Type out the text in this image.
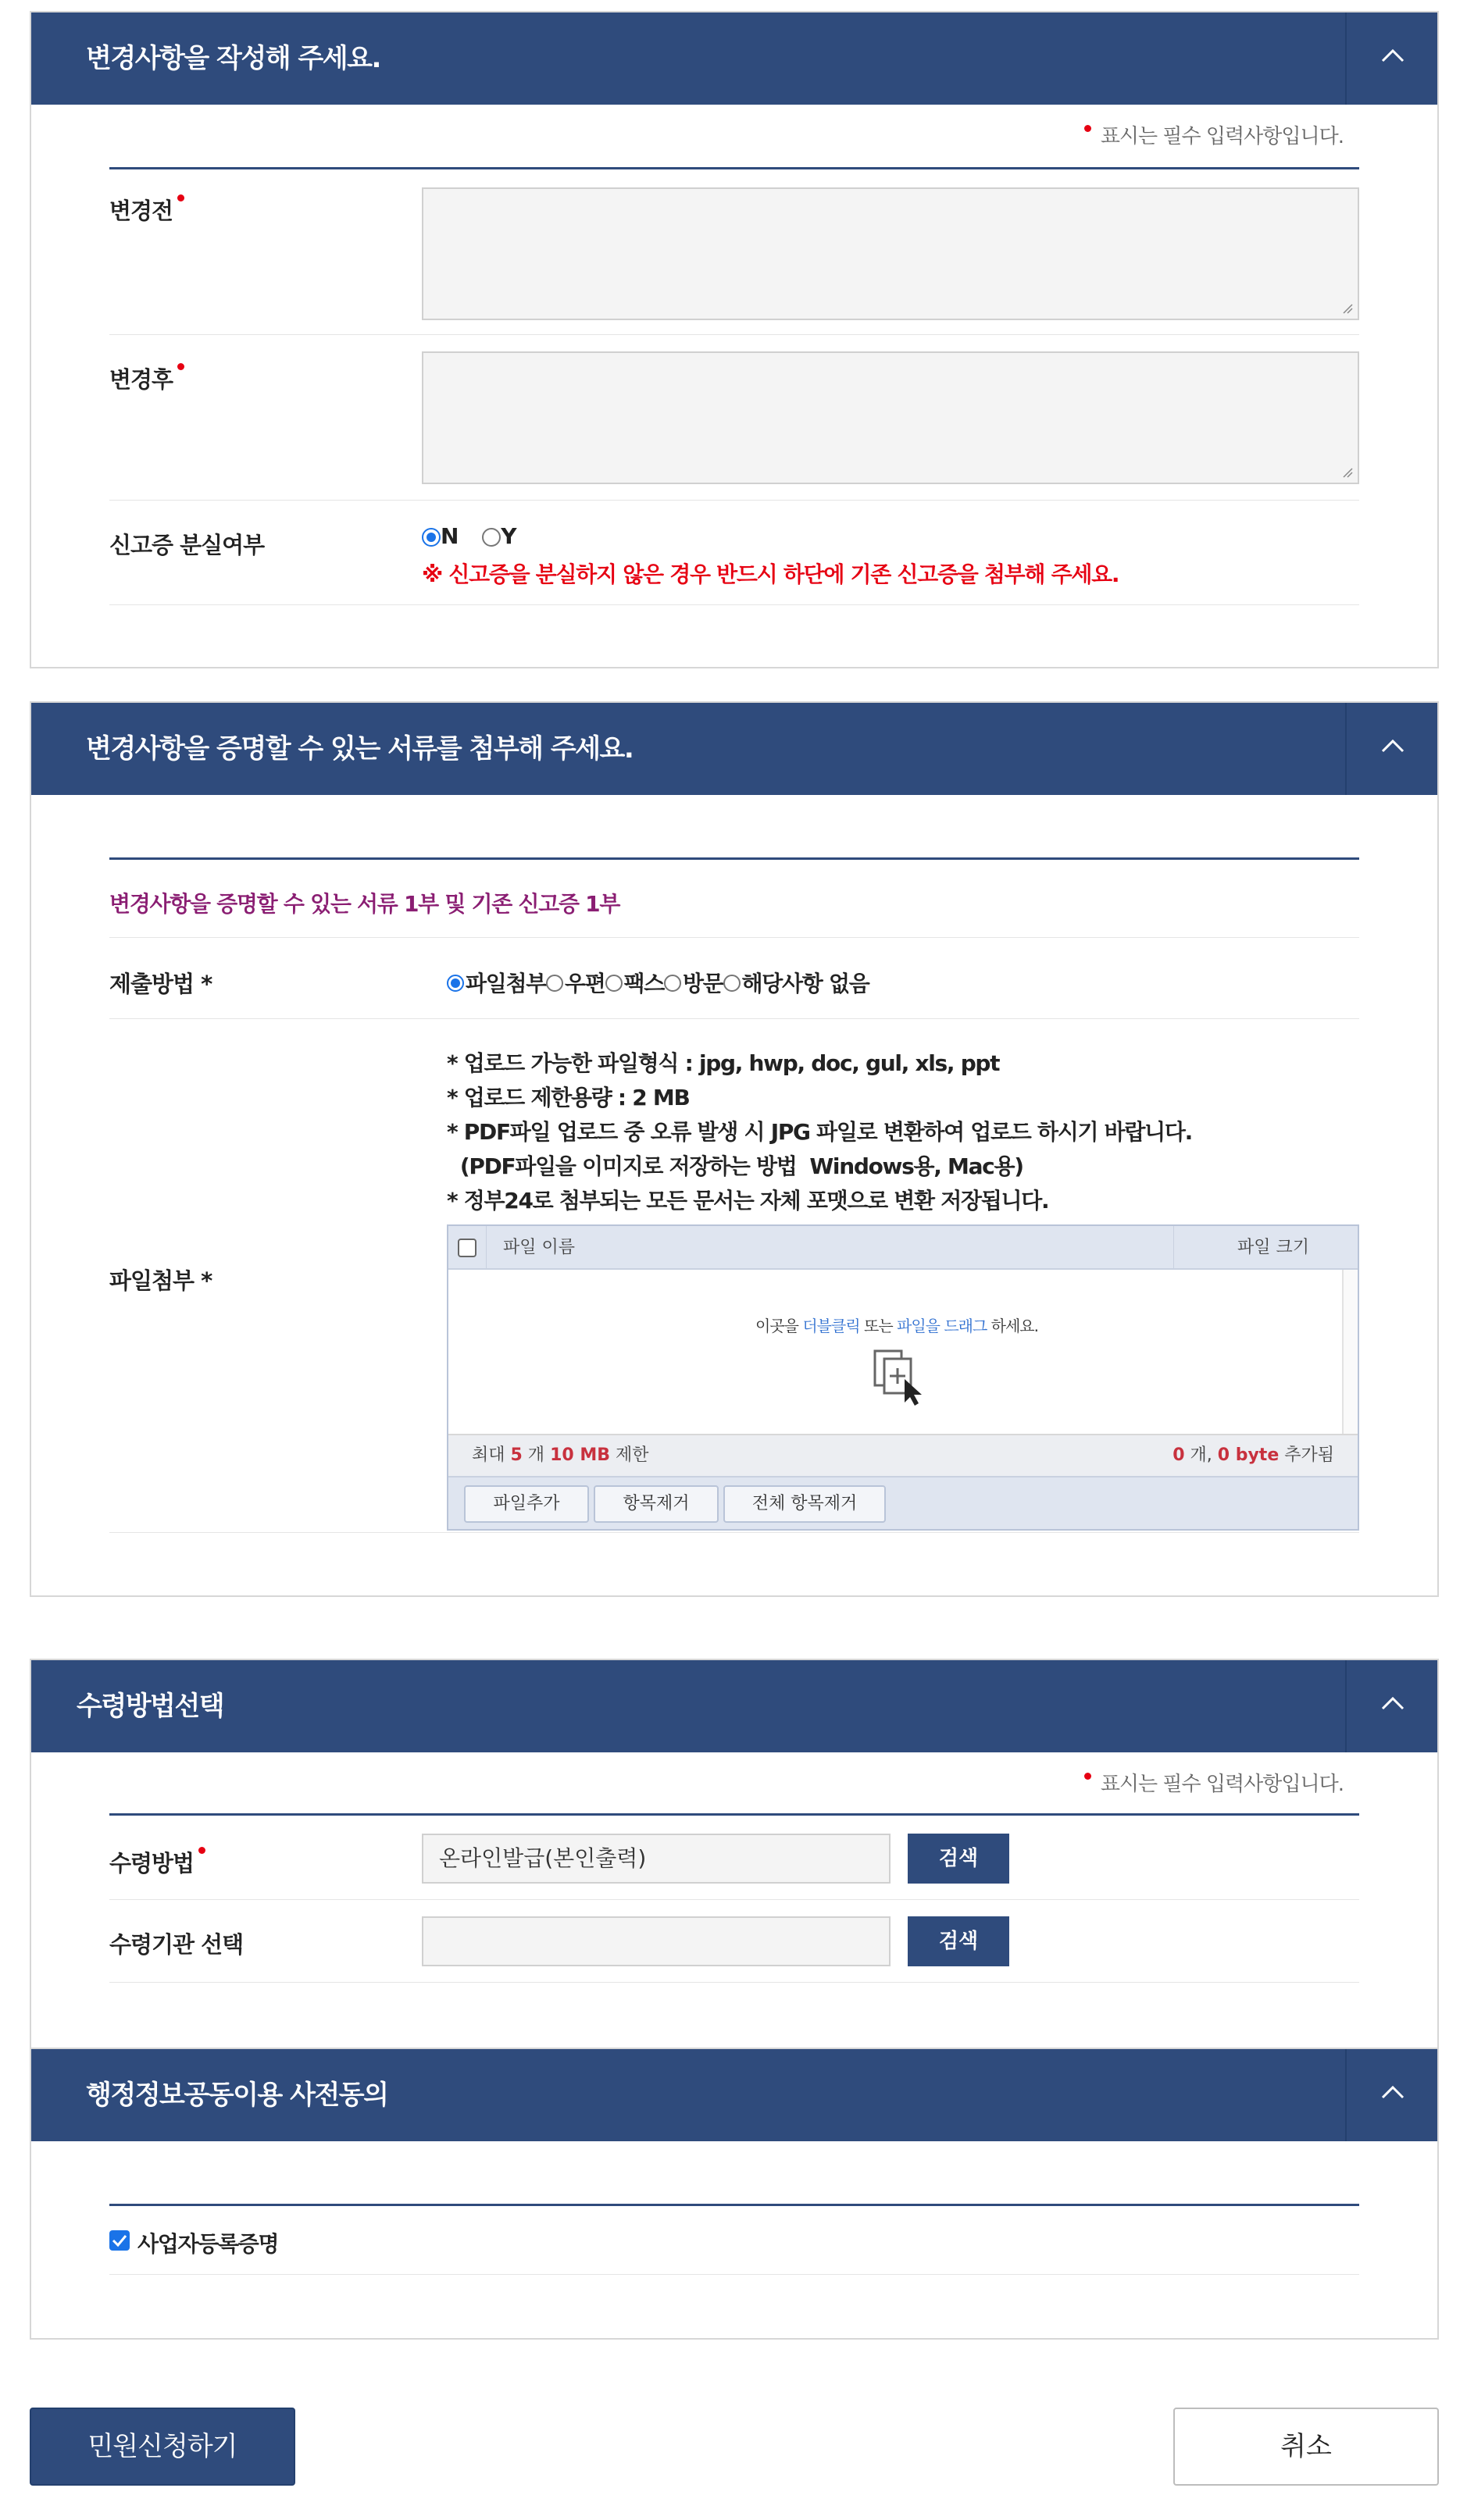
변경사항을 작성해 주세요.
표시는 필수 입력사항입니다.
변경전
변경후
신고증 분실여부	N Y
※ 신고증을 분실하지 않은 경우 반드시 하단에 기존 신고증을 첨부해 주세요.
변경사항을 증명할 수 있는 서류를 첨부해 주세요.
변경사항을 증명할 수 있는 서류 1부 및 기존 신고증 1부
제출방법 *	파일첨부 우편 팩스 방문 해당사항 없음
파일첨부 *
* 업로드 가능한 파일형식 : jpg, hwp, doc, gul, xls, ppt
* 업로드 제한용량 : 2 MB
* PDF파일 업로드 중 오류 발생 시 JPG 파일로 변환하여 업로드 하시기 바랍니다.
(PDF파일을 이미지로 저장하는 방법  Windows용, Mac용)
* 정부24로 첨부되는 모든 문서는 자체 포맷으로 변환 저장됩니다.
파일 이름	파일 크기
이곳을 더블클릭 또는 파일을 드래그 하세요.
최대 5 개 10 MB 제한	0 개, 0 byte 추가됨
파일추가	항목제거	전체 항목제거
수령방법선택
표시는 필수 입력사항입니다.
수령방법	온라인발급(본인출력)	검색
수령기관 선택	검색
행정정보공동이용 사전동의
사업자등록증명
민원신청하기	취소
